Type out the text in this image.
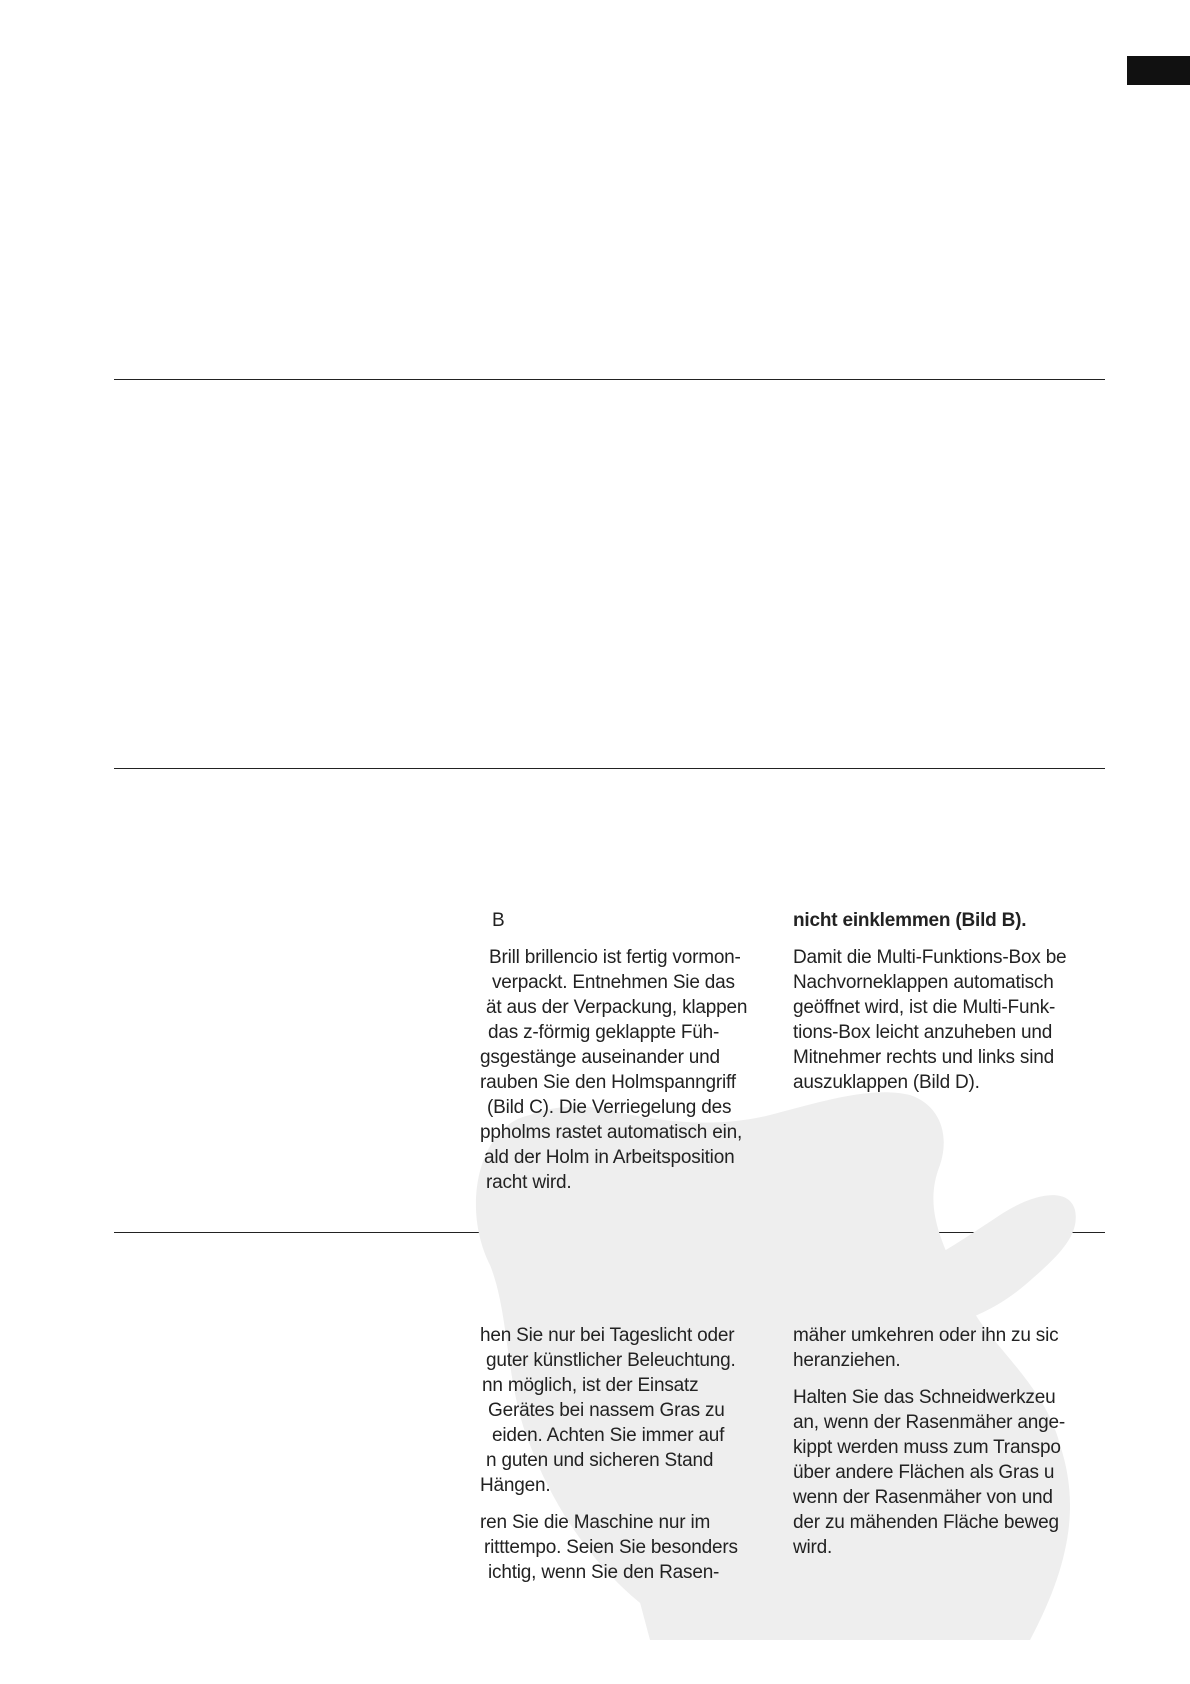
B

Brill brillencio ist fertig vormon-
verpackt. Entnehmen Sie das
ät aus der Verpackung, klappen
das z-förmig geklappte Füh-
gsgestänge auseinander und
rauben Sie den Holmspanngriff
(Bild C). Die Verriegelung des
ppholms rastet automatisch ein,
ald der Holm in Arbeitsposition
racht wird.

nicht einklemmen (Bild B).

Damit die Multi-Funktions-Box be
Nachvorneklappen automatisch
geöffnet wird, ist die Multi-Funk-
tions-Box leicht anzuheben und
Mitnehmer rechts und links sind
auszuklappen (Bild D).

hen Sie nur bei Tageslicht oder
guter künstlicher Beleuchtung.
nn möglich, ist der Einsatz
Gerätes bei nassem Gras zu
eiden. Achten Sie immer auf
n guten und sicheren Stand
Hängen.

ren Sie die Maschine nur im
ritttempo. Seien Sie besonders
ichtig, wenn Sie den Rasen-

mäher umkehren oder ihn zu sic
heranziehen.

Halten Sie das Schneidwerkzeu
an, wenn der Rasenmäher ange-
kippt werden muss zum Transpo
über andere Flächen als Gras u
wenn der Rasenmäher von und
der zu mähenden Fläche beweg
wird.
